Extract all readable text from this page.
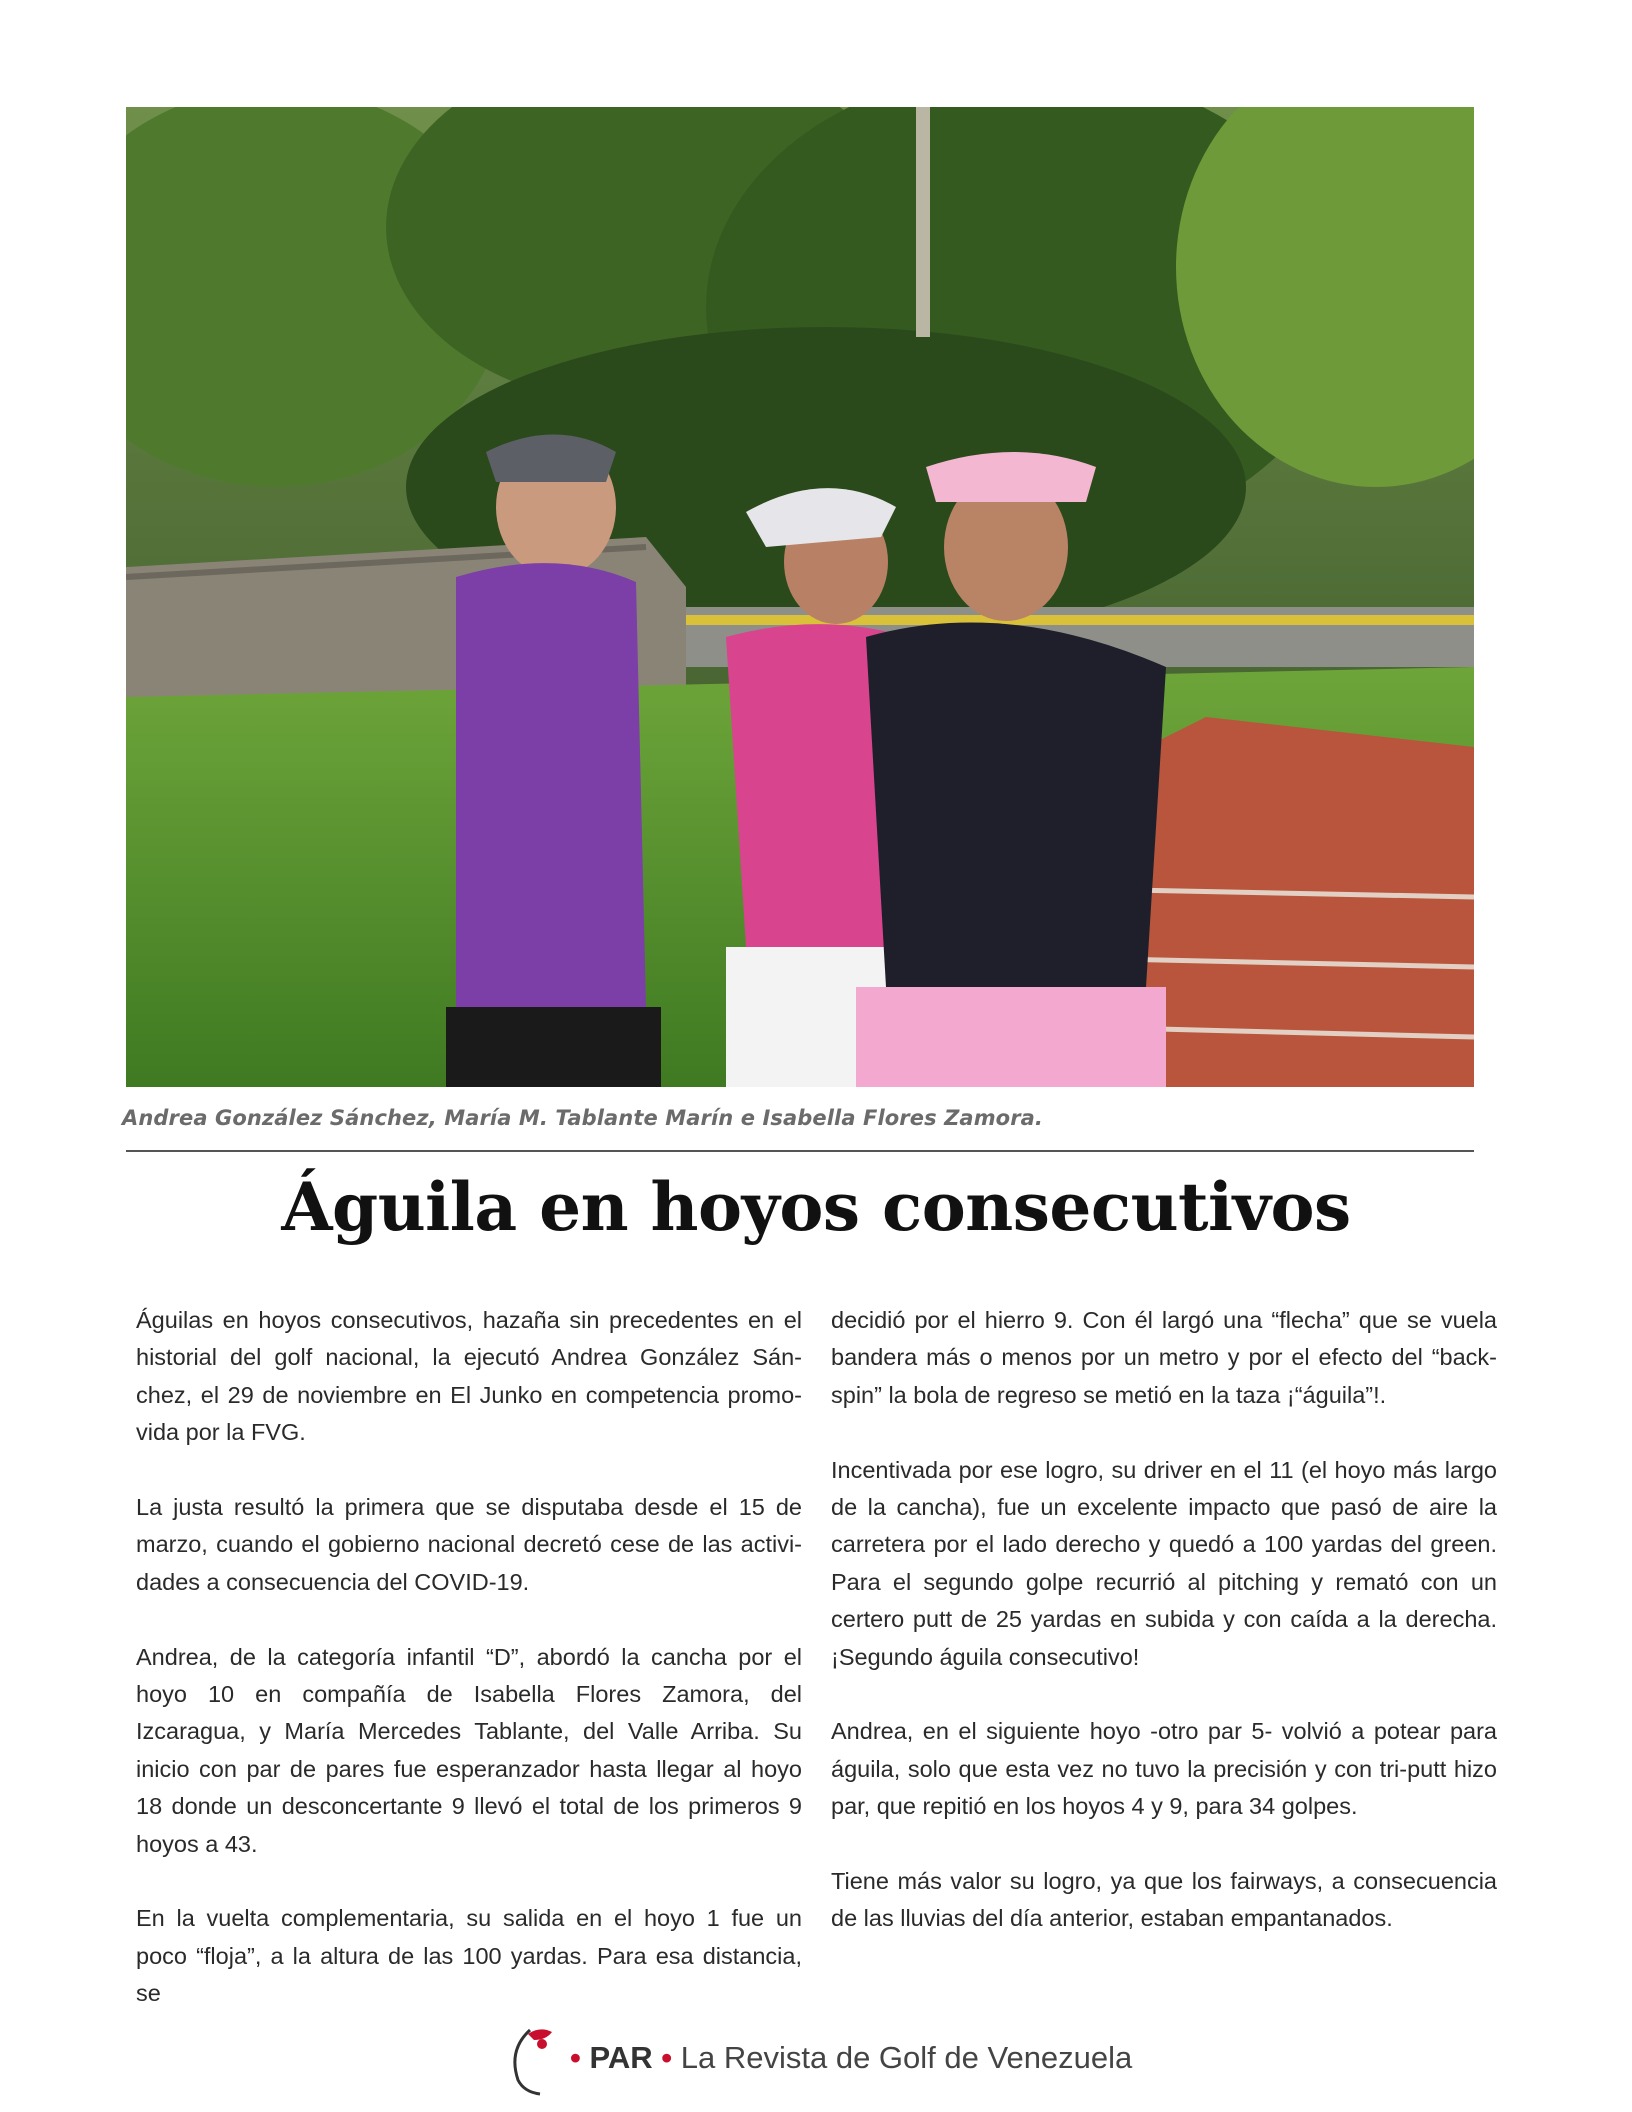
Andrea González Sánchez, María M. Tablante Marín e Isabella Flores Zamora.
Águila en hoyos consecutivos

Águilas en hoyos consecutivos, hazaña sin precedentes en el historial del golf nacional, la ejecutó Andrea González Sán-chez, el 29 de noviembre en El Junko en competencia promo-vida por la FVG.

La justa resultó la primera que se disputaba desde el 15 de marzo, cuando el gobierno nacional decretó cese de las activi-dades a consecuencia del COVID-19.

Andrea, de la categoría infantil “D”, abordó la cancha por el hoyo 10 en compañía de Isabella Flores Zamora, del Izcaragua, y María Mercedes Tablante, del Valle Arriba. Su inicio con par de pares fue esperanzador hasta llegar al hoyo 18 donde un desconcertante 9 llevó el total de los primeros 9 hoyos a 43.

En la vuelta complementaria, su salida en el hoyo 1 fue un poco “floja”, a la altura de las 100 yardas. Para esa distancia, se

decidió por el hierro 9. Con él largó una “flecha” que se vuela bandera más o menos por un metro y por el efecto del “back-spin” la bola de regreso se metió en la taza ¡“águila”!.

Incentivada por ese logro, su driver en el 11 (el hoyo más largo de la cancha), fue un excelente impacto que pasó de aire la carretera por el lado derecho y quedó a 100 yardas del green. Para el segundo golpe recurrió al pitching y remató con un certero putt de 25 yardas en subida y con caída a la derecha. ¡Segundo águila consecutivo!

Andrea, en el siguiente hoyo -otro par 5- volvió a potear para águila, solo que esta vez no tuvo la precisión y con tri-putt hizo par, que repitió en los hoyos 4 y 9, para 34 golpes.

Tiene más valor su logro, ya que los fairways, a consecuencia de las lluvias del día anterior, estaban empantanados.

• PAR • La Revista de Golf de Venezuela
